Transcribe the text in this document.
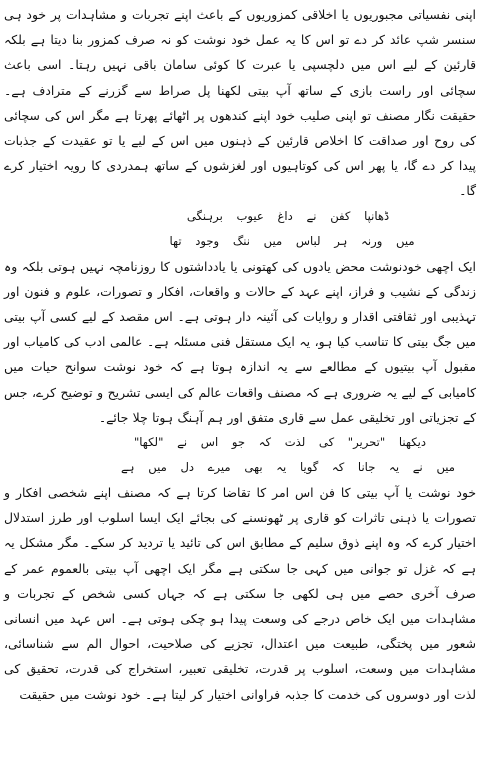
اپنی نفسیاتی مجبوریوں یا اخلاقی کمزوریوں کے باعث اپنے تجربات و مشاہدات پر خود ہی سنسر شپ عائد کر دے تو اس کا یہ عمل خود نوشت کو نہ صرف کمزور بنا دیتا ہے بلکہ قارئین کے لیے اس میں دلچسپی یا عبرت کا کوئی سامان باقی نہیں رہتا۔ اسی باعث سچائی اور راست بازی کے ساتھ آپ بیتی لکھنا پل صراط سے گزرنے کے مترادف ہے۔ حقیقت نگار مصنف تو اپنی صلیب خود اپنے کندھوں پر اٹھائے پھرتا ہے مگر اس کی سچائی کی روح اور صداقت کا اخلاص قارئین کے ذہنوں میں اس کے لیے یا تو عقیدت کے جذبات پیدا کر دے گا، یا پھر اس کی کوتاہیوں اور لغزشوں کے ساتھ ہمدردی کا رویہ اختیار کرے گا۔

ڈھانپا کفن نے داغ عیوب برہنگی

میں ورنہ ہر لباس میں ننگ وجود تھا

ایک اچھی خودنوشت محض یادوں کی کھتونی یا یادداشتوں کا روزنامچہ نہیں ہوتی بلکہ وہ زندگی کے نشیب و فراز، اپنے عہد کے حالات و واقعات، افکار و تصورات، علوم و فنون اور تہذیبی اور ثقافتی اقدار و روایات کی آئینہ دار ہوتی ہے۔ اس مقصد کے لیے کسی آپ بیتی میں جگ بیتی کا تناسب کیا ہو، یہ ایک مستقل فنی مسئلہ ہے۔ عالمی ادب کی کامیاب اور مقبول آپ بیتیوں کے مطالعے سے یہ اندازہ ہوتا ہے کہ خود نوشت سوانح حیات میں کامیابی کے لیے یہ ضروری ہے کہ مصنف واقعات عالم کی ایسی تشریح و توضیح کرے، جس کے تجزیاتی اور تخلیقی عمل سے قاری متفق اور ہم آہنگ ہوتا چلا جائے۔

دیکھنا "تحریر" کی لذت کہ جو اس نے "لکھا"

میں نے یہ جانا کہ گویا یہ بھی میرے دل میں ہے

خود نوشت یا آپ بیتی کا فن اس امر کا تقاضا کرتا ہے کہ مصنف اپنے شخصی افکار و تصورات یا ذہنی تاثرات کو قاری پر ٹھونسنے کی بجائے ایک ایسا اسلوب اور طرز استدلال اختیار کرے کہ وہ اپنے ذوق سلیم کے مطابق اس کی تائید یا تردید کر سکے۔ مگر مشکل یہ ہے کہ غزل تو جوانی میں کہی جا سکتی ہے مگر ایک اچھی آپ بیتی بالعموم عمر کے صرف آخری حصے میں ہی لکھی جا سکتی ہے کہ جہاں کسی شخص کے تجربات و مشاہدات میں ایک خاص درجے کی وسعت پیدا ہو چکی ہوتی ہے۔ اس عہد میں انسانی شعور میں پختگی، طبیعت میں اعتدال، تجزیے کی صلاحیت، احوال الم سے شناسائی، مشاہدات میں وسعت، اسلوب پر قدرت، تخلیقی تعبیر، استخراج کی قدرت، تحقیق کی لذت اور دوسروں کی خدمت کا جذبہ فراوانی اختیار کر لیتا ہے۔ خود نوشت میں حقیقت
